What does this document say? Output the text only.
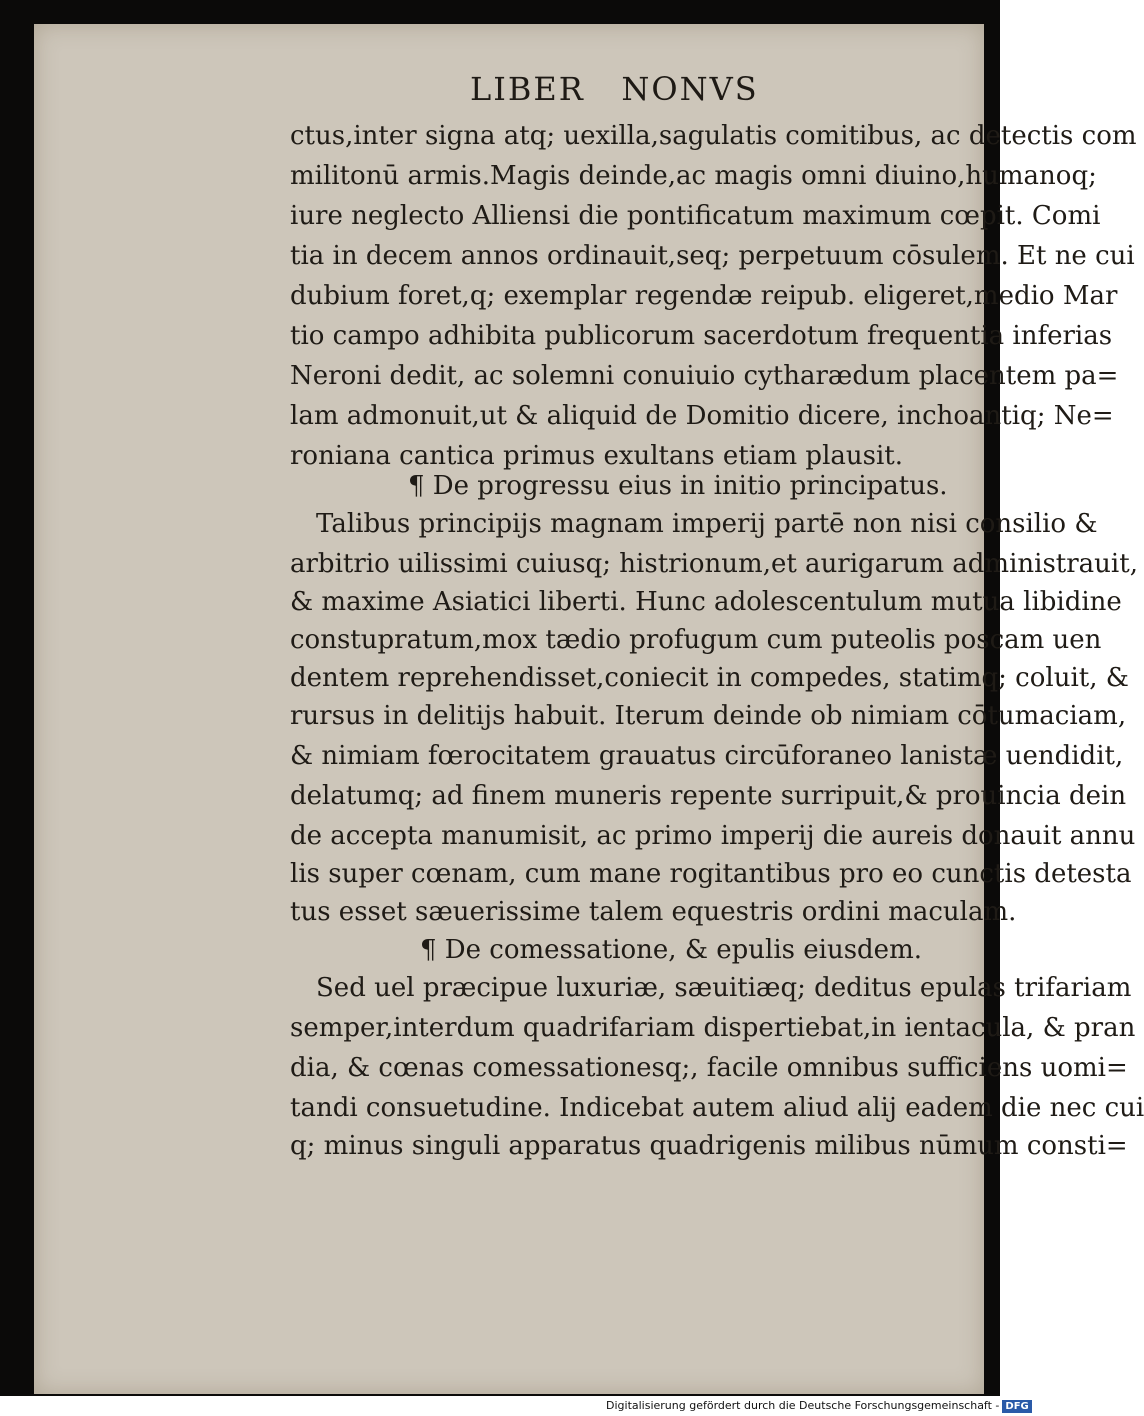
LIBER   NONVS
ctus,inter signa atq; uexilla,sagulatis comitibus, ac detectis com
militonū armis.Magis deinde,ac magis omni diuino,humanoq;
iure neglecto Alliensi die pontificatum maximum cœpit. Comi
tia in decem annos ordinauit,seq; perpetuum cōsulem. Et ne cui
dubium foret,q; exemplar regendæ reipub. eligeret,medio Mar
tio campo adhibita publicorum sacerdotum frequentia inferias
Neroni dedit, ac solemni conuiuio cytharædum placentem pa=
lam admonuit,ut & aliquid de Domitio dicere, inchoantiq; Ne=
roniana cantica primus exultans etiam plausit.
¶ De progressu eius in initio principatus.
Talibus principijs magnam imperij partē non nisi consilio &
arbitrio uilissimi cuiusq; histrionum,et aurigarum administrauit,
& maxime Asiatici liberti. Hunc adolescentulum mutua libidine
constupratum,mox tædio profugum cum puteolis poscam uen
dentem reprehendisset,coniecit in compedes, statimq; coluit, &
rursus in delitijs habuit. Iterum deinde ob nimiam cōtumaciam,
& nimiam fœrocitatem grauatus circūforaneo lanistæ uendidit,
delatumq; ad finem muneris repente surripuit,& prouincia dein
de accepta manumisit, ac primo imperij die aureis donauit annu
lis super cœnam, cum mane rogitantibus pro eo cunctis detesta
tus esset sæuerissime talem equestris ordini maculam.
¶ De comessatione, & epulis eiusdem.
Sed uel præcipue luxuriæ, sæuitiæq; deditus epulas trifariam
semper,interdum quadrifariam dispertiebat,in ientacula, & pran
dia, & cœnas comessationesq;, facile omnibus sufficiens uomi=
tandi consuetudine. Indicebat autem aliud alij eadem die nec cui
q; minus singuli apparatus quadrigenis milibus nūmum consti=
Digitalisierung gefördert durch die Deutsche Forschungsgemeinschaft - DFG
